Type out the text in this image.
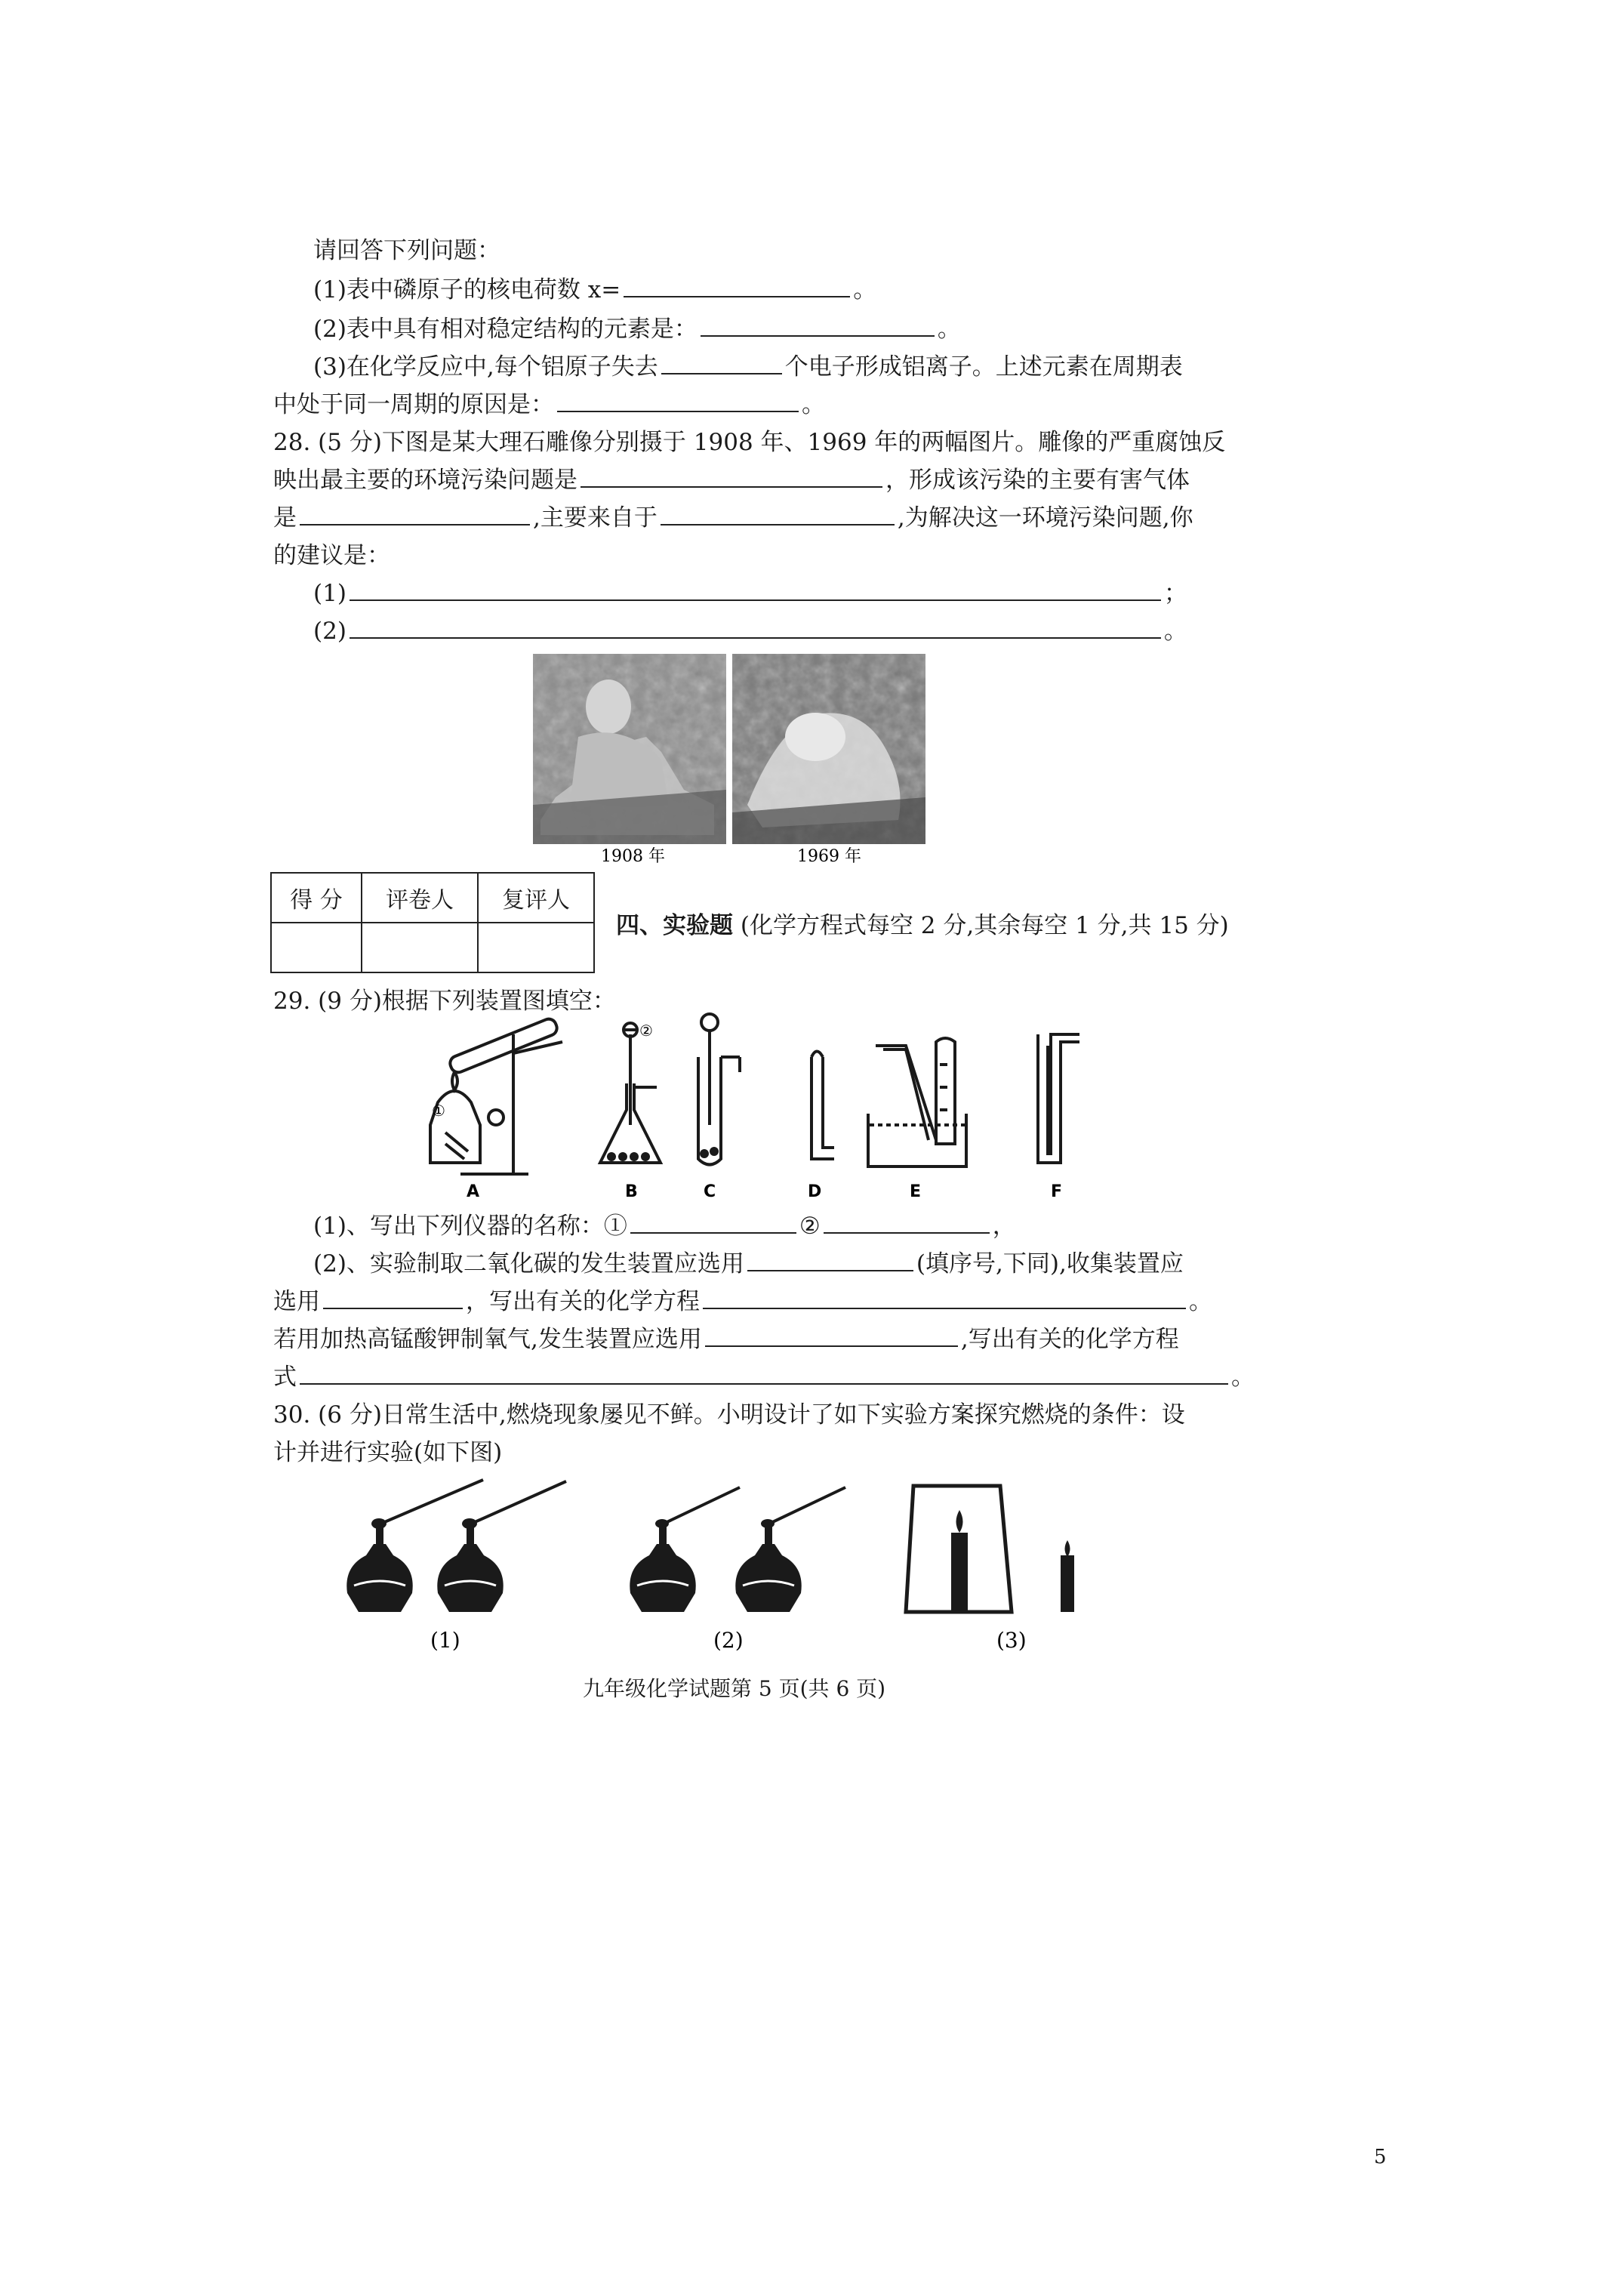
请回答下列问题：
(1)表中磷原子的核电荷数 x=	。
(2)表中具有相对稳定结构的元素是：	。
(3)在化学反应中,每个铝原子失去	个电子形成铝离子。上述元素在周期表
中处于同一周期的原因是：	。
28. (5 分)下图是某大理石雕像分别摄于 1908 年、1969 年的两幅图片。雕像的严重腐蚀反
映出最主要的环境污染问题是	，形成该污染的主要有害气体
是	,主要来自于	,为解决这一环境污染问题,你
的建议是：
(1)	；
(2)	。
1908 年	1969 年
得 分	评卷人	复评人

四、实验题 (化学方程式每空 2 分,其余每空 1 分,共 15 分)
29. (9 分)根据下列装置图填空：
①
②
A	B	C	D	E	F
(1)、写出下列仪器的名称：①	②	，
(2)、实验制取二氧化碳的发生装置应选用	(填序号,下同),收集装置应
选用	，写出有关的化学方程	。
若用加热高锰酸钾制氧气,发生装置应选用	,写出有关的化学方程
式	。
30. (6 分)日常生活中,燃烧现象屡见不鲜。小明设计了如下实验方案探究燃烧的条件：设
计并进行实验(如下图)
(1)	(2)	(3)
九年级化学试题第 5 页(共 6 页)
5
